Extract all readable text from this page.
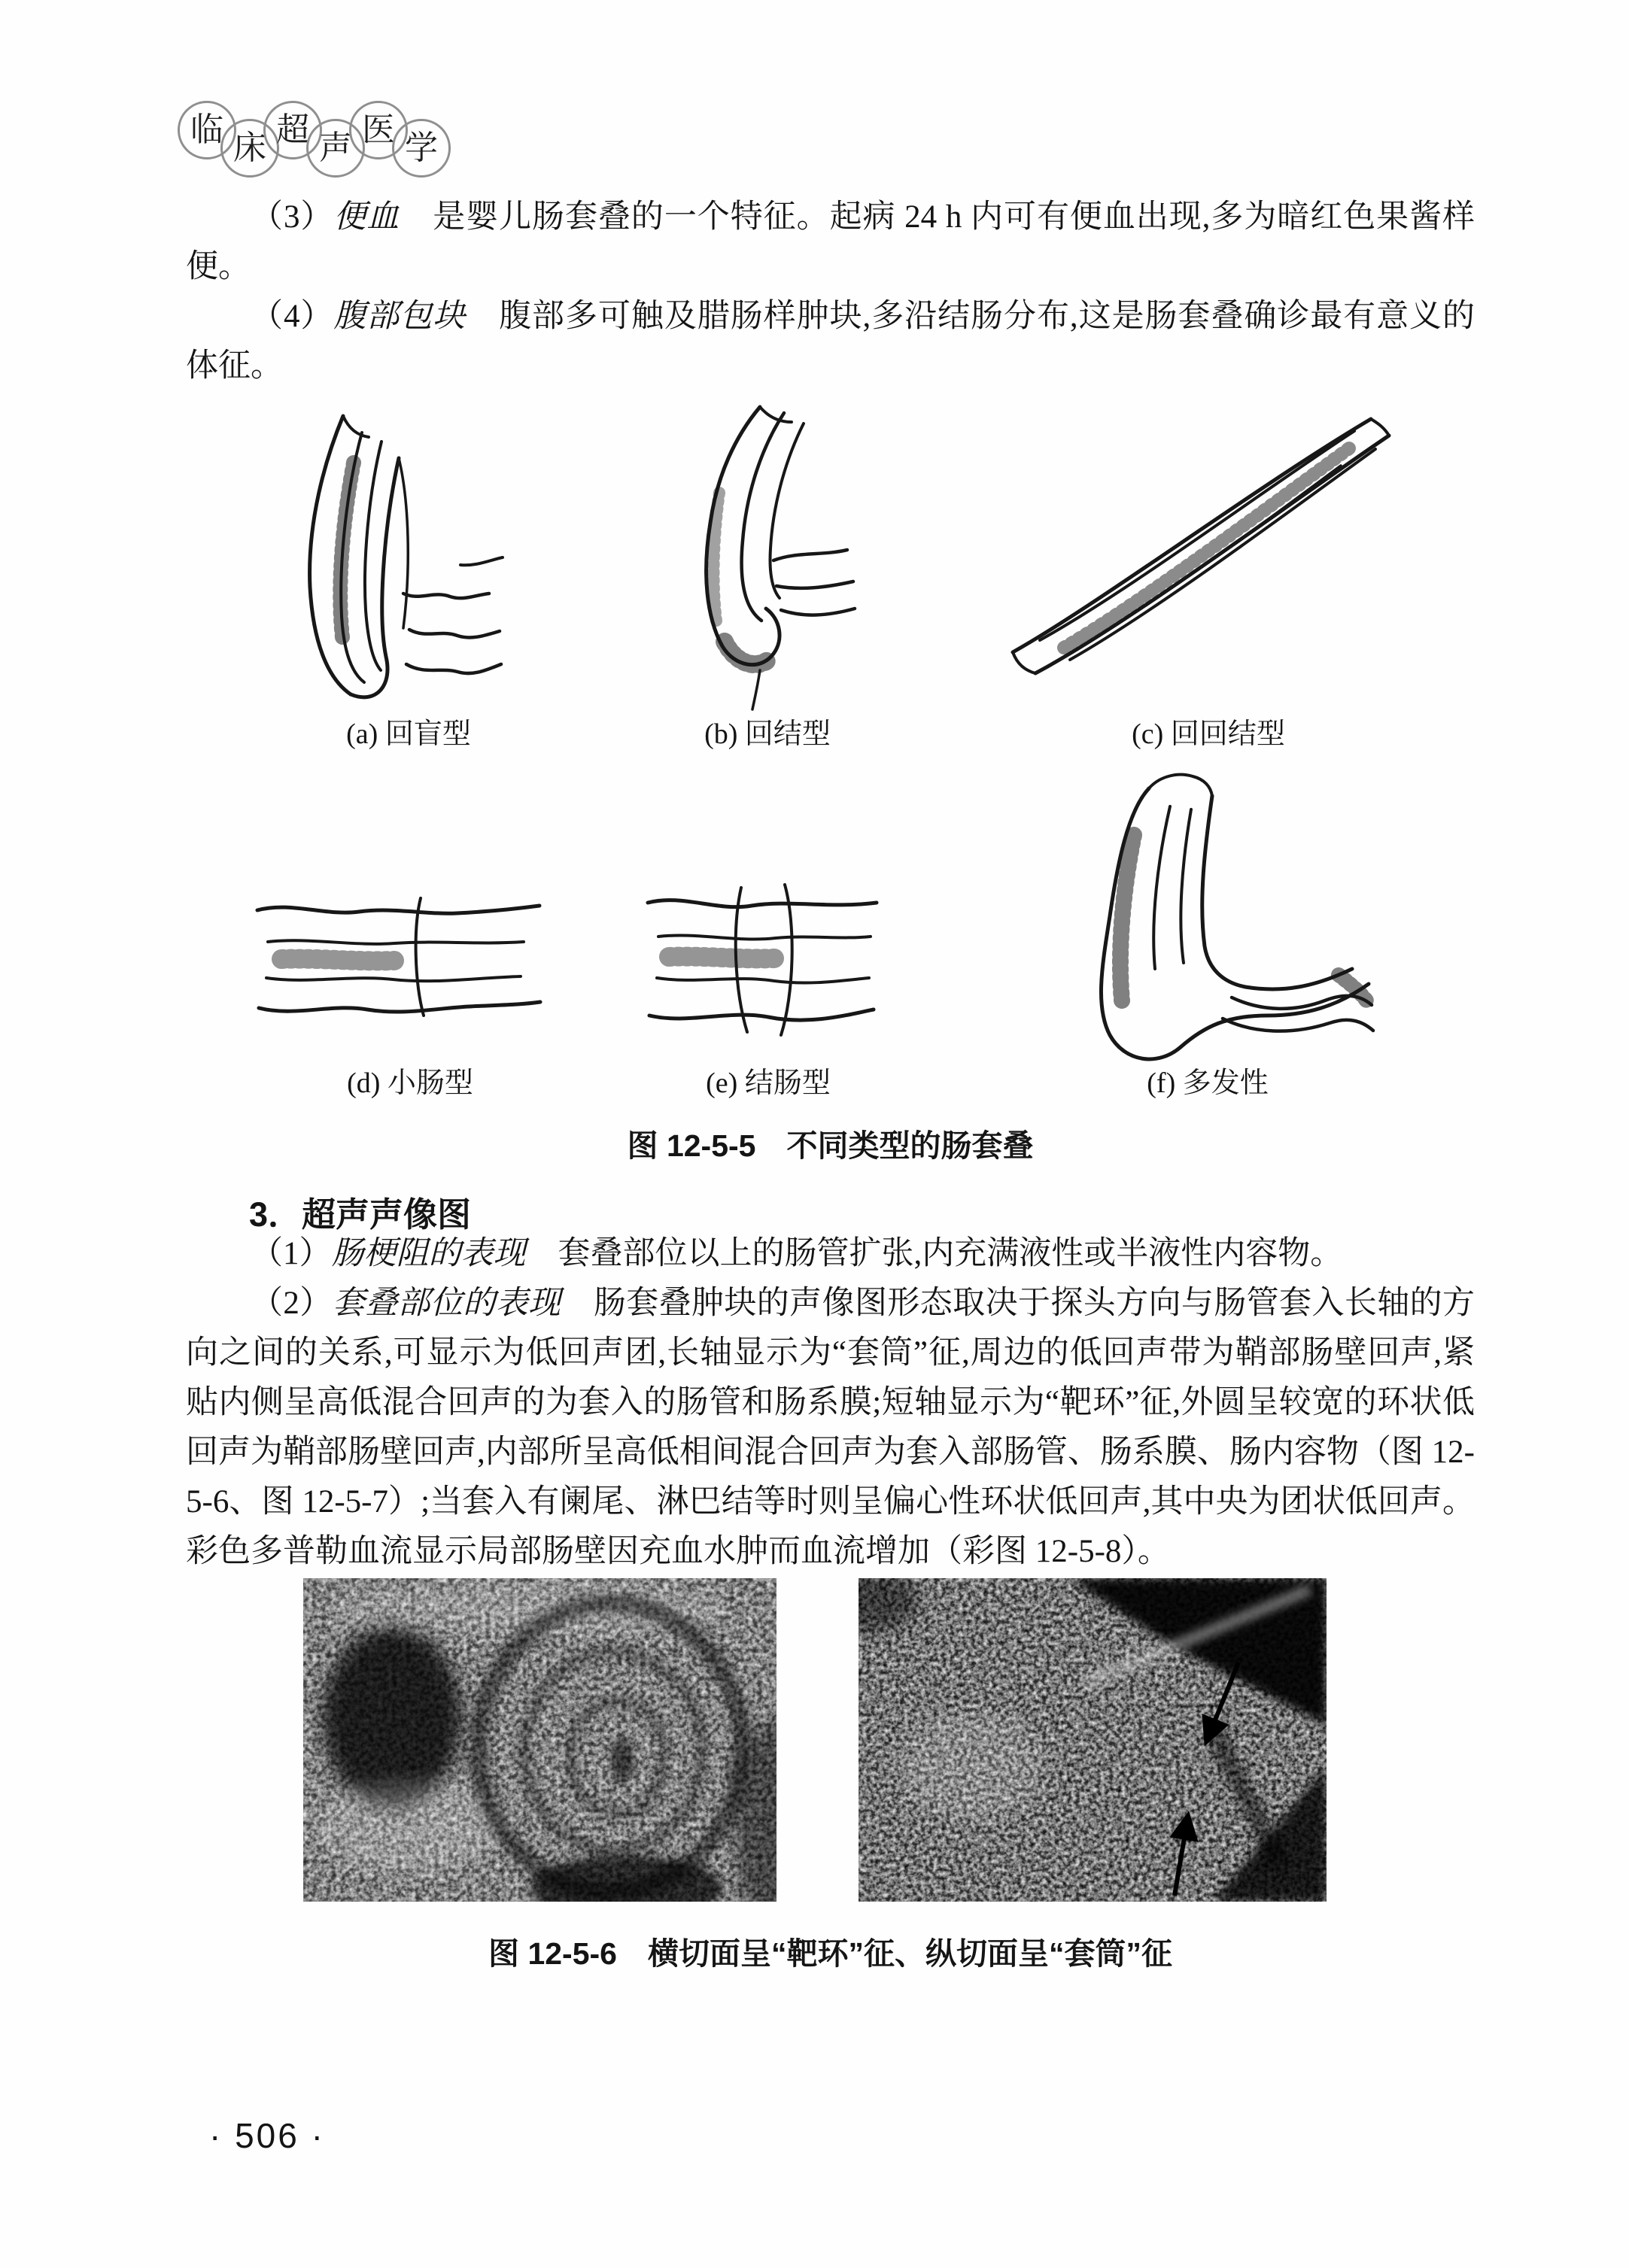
临 床 超 声 医 学

（3）便血　是婴儿肠套叠的一个特征。起病 24 h 内可有便血出现,多为暗红色果酱样便。

（4）腹部包块　腹部多可触及腊肠样肿块,多沿结肠分布,这是肠套叠确诊最有意义的体征。

(a) 回盲型	(b) 回结型	(c) 回回结型
(d) 小肠型	(e) 结肠型	(f) 多发性
图 12-5-5　不同类型的肠套叠
3．超声声像图

（1）肠梗阻的表现　套叠部位以上的肠管扩张,内充满液性或半液性内容物。

（2）套叠部位的表现　肠套叠肿块的声像图形态取决于探头方向与肠管套入长轴的方向之间的关系,可显示为低回声团,长轴显示为“套筒”征,周边的低回声带为鞘部肠壁回声,紧贴内侧呈高低混合回声的为套入的肠管和肠系膜;短轴显示为“靶环”征,外圆呈较宽的环状低回声为鞘部肠壁回声,内部所呈高低相间混合回声为套入部肠管、肠系膜、肠内容物（图 12-5-6、图 12-5-7）;当套入有阑尾、淋巴结等时则呈偏心性环状低回声,其中央为团状低回声。彩色多普勒血流显示局部肠壁因充血水肿而血流增加（彩图 12-5-8）。

图 12-5-6　横切面呈“靶环”征、纵切面呈“套筒”征
· 506 ·
